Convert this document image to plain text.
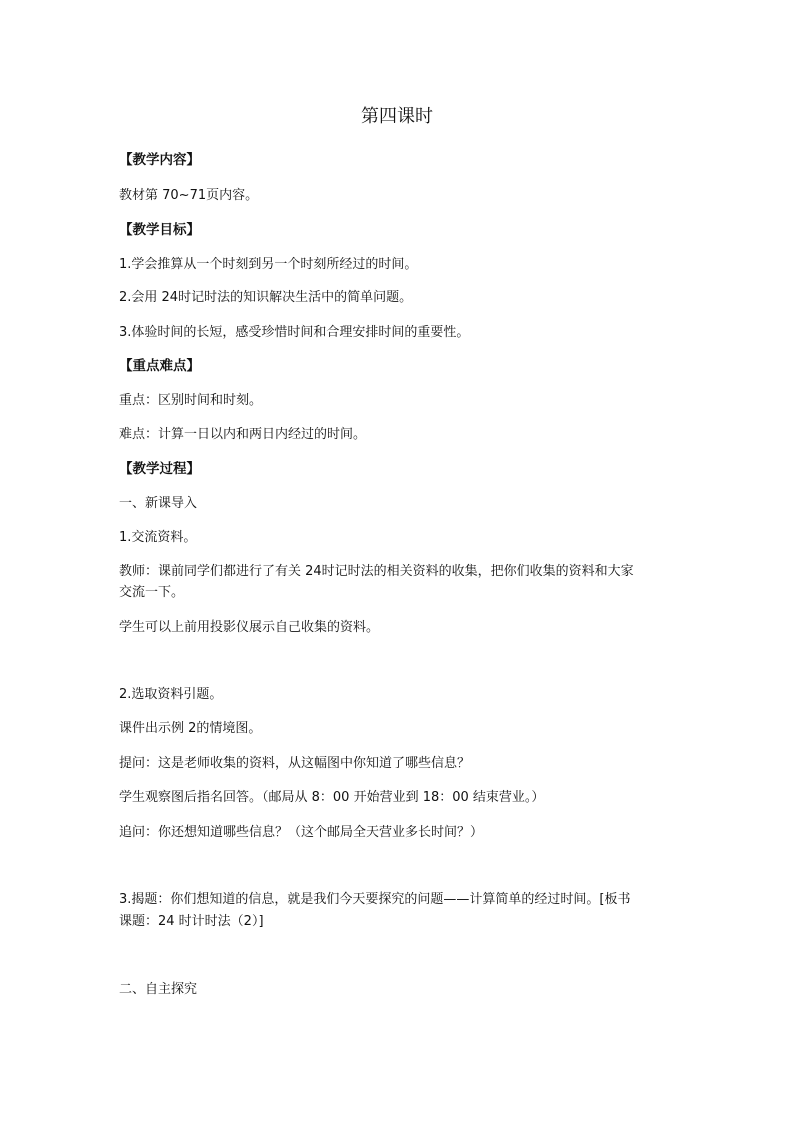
第四课时
【教学内容】
教材第 70~71页内容。
【教学目标】
1.学会推算从一个时刻到另一个时刻所经过的时间。
2.会用 24时记时法的知识解决生活中的简单问题。
3.体验时间的长短，感受珍惜时间和合理安排时间的重要性。
【重点难点】
重点：区别时间和时刻。
难点：计算一日以内和两日内经过的时间。
【教学过程】
一、新课导入
1.交流资料。
教师：课前同学们都进行了有关 24时记时法的相关资料的收集，把你们收集的资料和大家
交流一下。
学生可以上前用投影仪展示自己收集的资料。
2.选取资料引题。
课件出示例 2的情境图。
提问：这是老师收集的资料，从这幅图中你知道了哪些信息？
学生观察图后指名回答。（邮局从 8：00 开始营业到 18：00 结束营业。）
追问：你还想知道哪些信息？（这个邮局全天营业多长时间？）
3.揭题：你们想知道的信息，就是我们今天要探究的问题——计算简单的经过时间。[板书
课题：24 时计时法（2）]
二、自主探究
